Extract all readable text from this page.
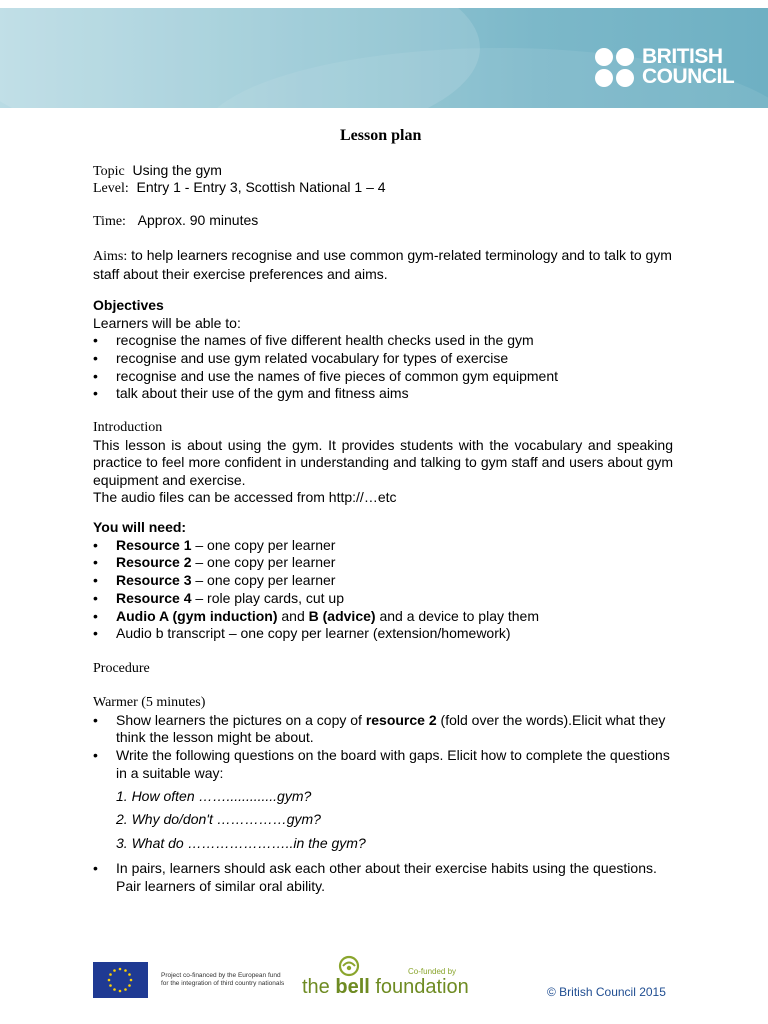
BRITISH
COUNCIL
Lesson plan
Topic Using the gym
Level: Entry 1 - Entry 3, Scottish National 1 – 4
Time: Approx. 90 minutes
Aims: to help learners recognise and use common gym-related terminology and to talk to gym staff about their exercise preferences and aims.
Objectives
Learners will be able to:
• recognise the names of five different health checks used in the gym
• recognise and use gym related vocabulary for types of exercise
• recognise and use the names of five pieces of common gym equipment
• talk about their use of the gym and fitness aims
Introduction
This lesson is about using the gym. It provides students with the vocabulary and speaking practice to feel more confident in understanding and talking to gym staff and users about gym equipment and exercise.
The audio files can be accessed from http://…etc
You will need:
• Resource 1 – one copy per learner
• Resource 2 – one copy per learner
• Resource 3 – one copy per learner
• Resource 4 – role play cards, cut up
• Audio A (gym induction) and B (advice) and a device to play them
• Audio b transcript – one copy per learner (extension/homework)
Procedure
Warmer (5 minutes)
• Show learners the pictures on a copy of resource 2 (fold over the words).Elicit what they think the lesson might be about.
• Write the following questions on the board with gaps. Elicit how to complete the questions in a suitable way:
1. How often …….............gym?
2. Why do/don't ……………gym?
3. What do …………………..in the gym?
• In pairs, learners should ask each other about their exercise habits using the questions. Pair learners of similar oral ability.
Project co-financed by the European fund for the integration of third country nationals
Co-funded by
the bell foundation	© British Council 2015
